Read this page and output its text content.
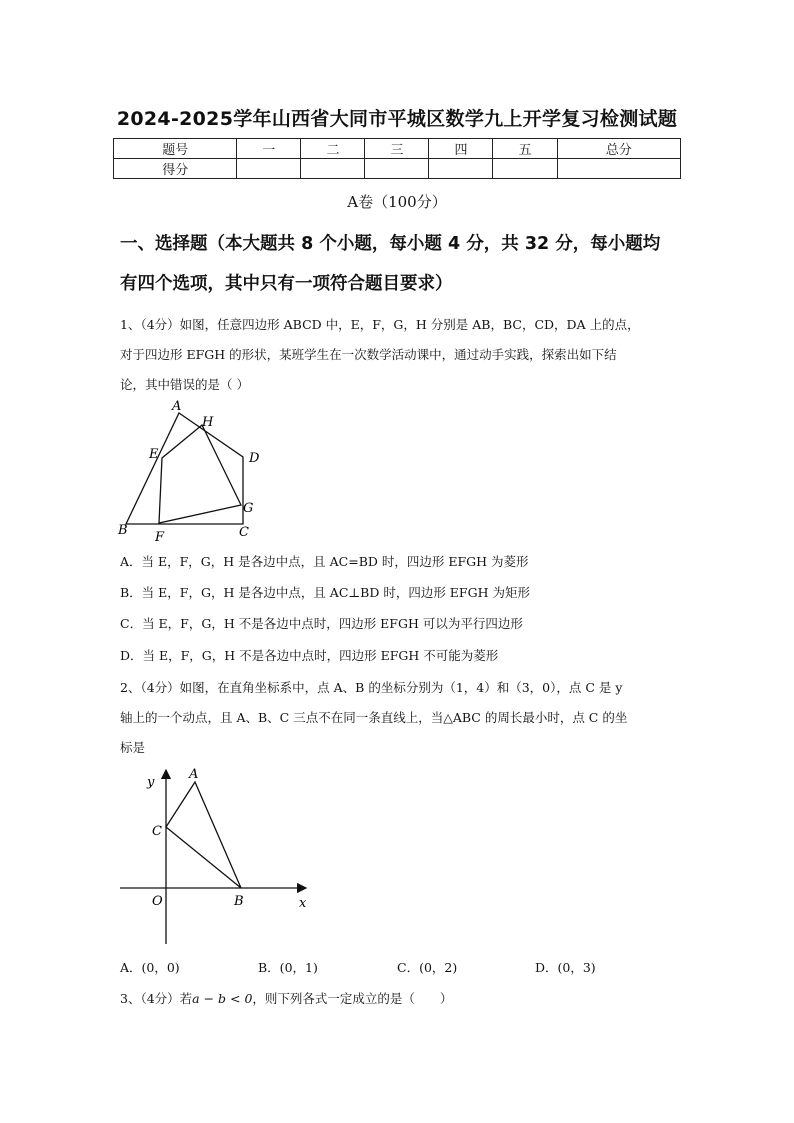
2024-2025学年山西省大同市平城区数学九上开学复习检测试题
题号	一	二	三	四	五	总分
得分						
A卷（100分）
一、选择题（本大题共 8 个小题，每小题 4 分，共 32 分，每小题均
有四个选项，其中只有一项符合题目要求）
1、（4分）如图，任意四边形 ABCD 中，E，F，G，H 分别是 AB，BC，CD，DA 上的点，
对于四边形 EFGH 的形状，某班学生在一次数学活动课中，通过动手实践，探索出如下结
论，其中错误的是（ ）
A
H
E	D
G
B F	C
A．当 E，F，G，H 是各边中点，且 AC=BD 时，四边形 EFGH 为菱形
B．当 E，F，G，H 是各边中点，且 AC⊥BD 时，四边形 EFGH 为矩形
C．当 E，F，G，H 不是各边中点时，四边形 EFGH 可以为平行四边形
D．当 E，F，G，H 不是各边中点时，四边形 EFGH 不可能为菱形
2、（4分）如图，在直角坐标系中，点 A、B 的坐标分别为（1，4）和（3，0），点 C 是 y
轴上的一个动点，且 A、B、C 三点不在同一条直线上，当△ABC 的周长最小时，点 C 的坐
标是
y
A
C
O	B	x
A．(0，0)	B．(0，1)	C．(0，2)	D．(0，3)
3、（4分）若a − b < 0，则下列各式一定成立的是（　　）
